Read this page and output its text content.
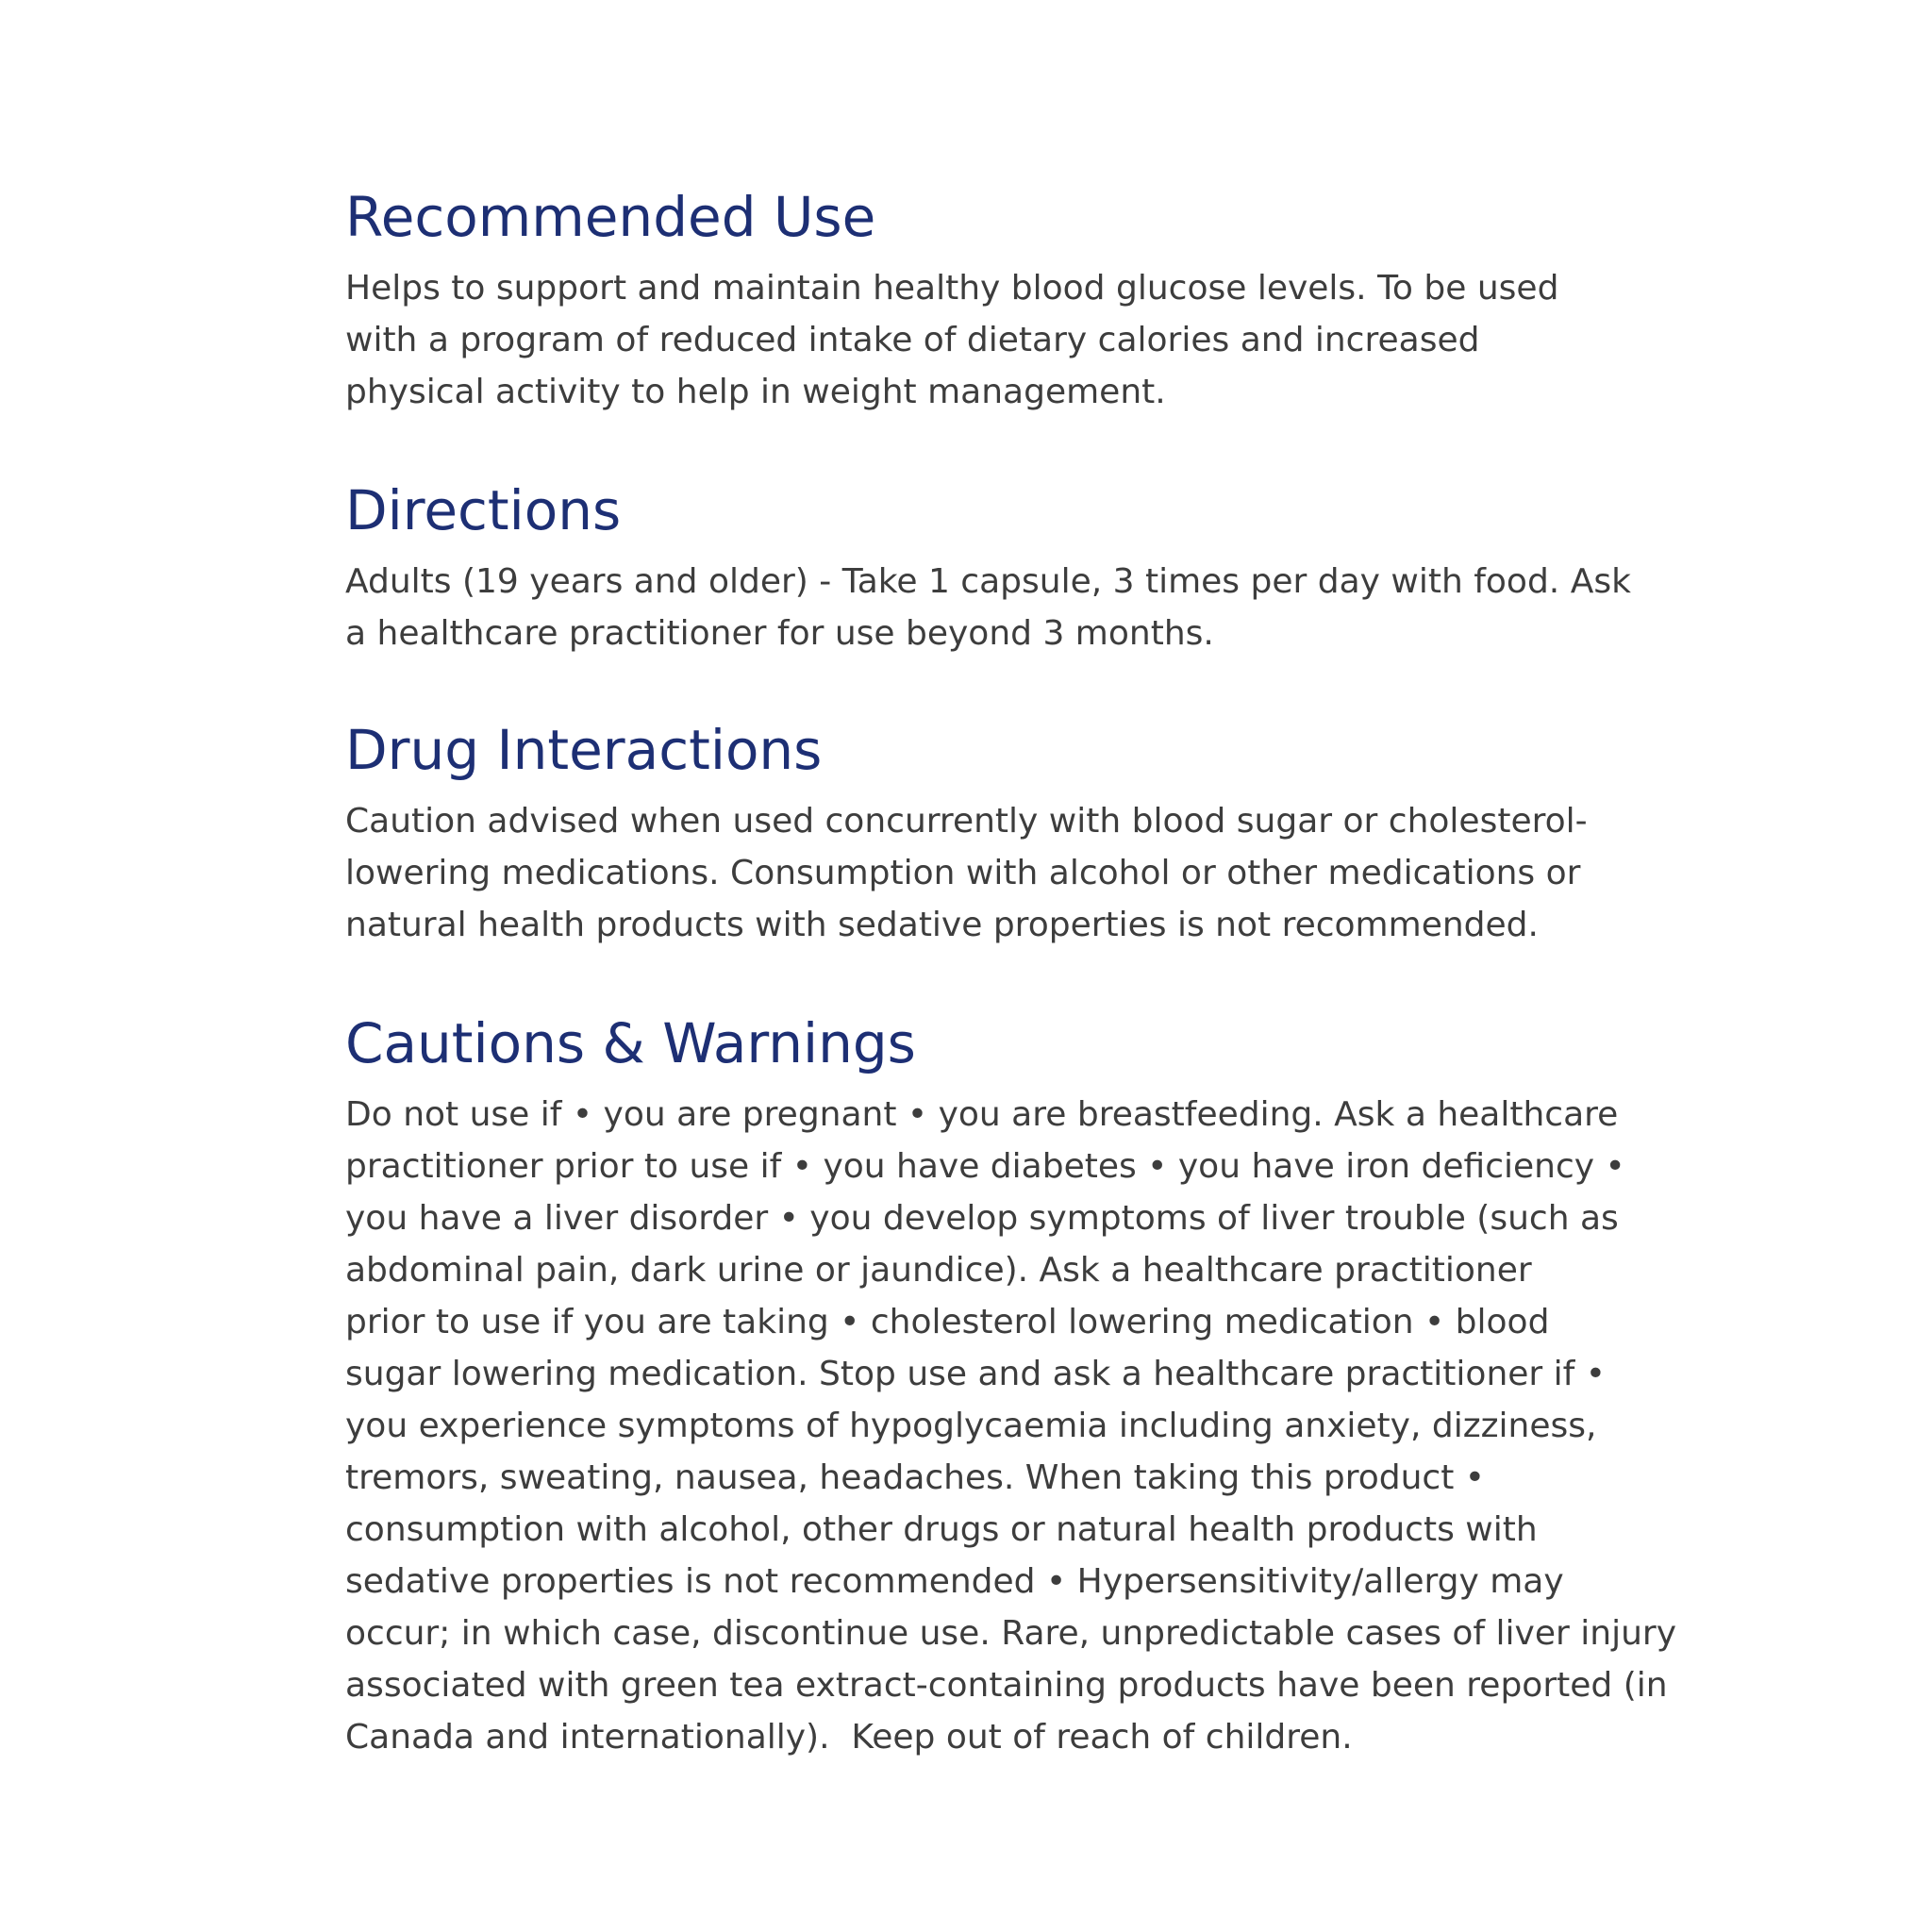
Recommended Use

Helps to support and maintain healthy blood glucose levels. To be used
with a program of reduced intake of dietary calories and increased
physical activity to help in weight management.

Directions

Adults (19 years and older) - Take 1 capsule, 3 times per day with food. Ask
a healthcare practitioner for use beyond 3 months.

Drug Interactions

Caution advised when used concurrently with blood sugar or cholesterol-
lowering medications. Consumption with alcohol or other medications or
natural health products with sedative properties is not recommended.

Cautions & Warnings

Do not use if • you are pregnant • you are breastfeeding. Ask a healthcare
practitioner prior to use if • you have diabetes • you have iron deficiency •
you have a liver disorder • you develop symptoms of liver trouble (such as
abdominal pain, dark urine or jaundice). Ask a healthcare practitioner
prior to use if you are taking • cholesterol lowering medication • blood
sugar lowering medication. Stop use and ask a healthcare practitioner if •
you experience symptoms of hypoglycaemia including anxiety, dizziness,
tremors, sweating, nausea, headaches. When taking this product •
consumption with alcohol, other drugs or natural health products with
sedative properties is not recommended • Hypersensitivity/allergy may
occur; in which case, discontinue use. Rare, unpredictable cases of liver injury
associated with green tea extract-containing products have been reported (in
Canada and internationally).  Keep out of reach of children.
